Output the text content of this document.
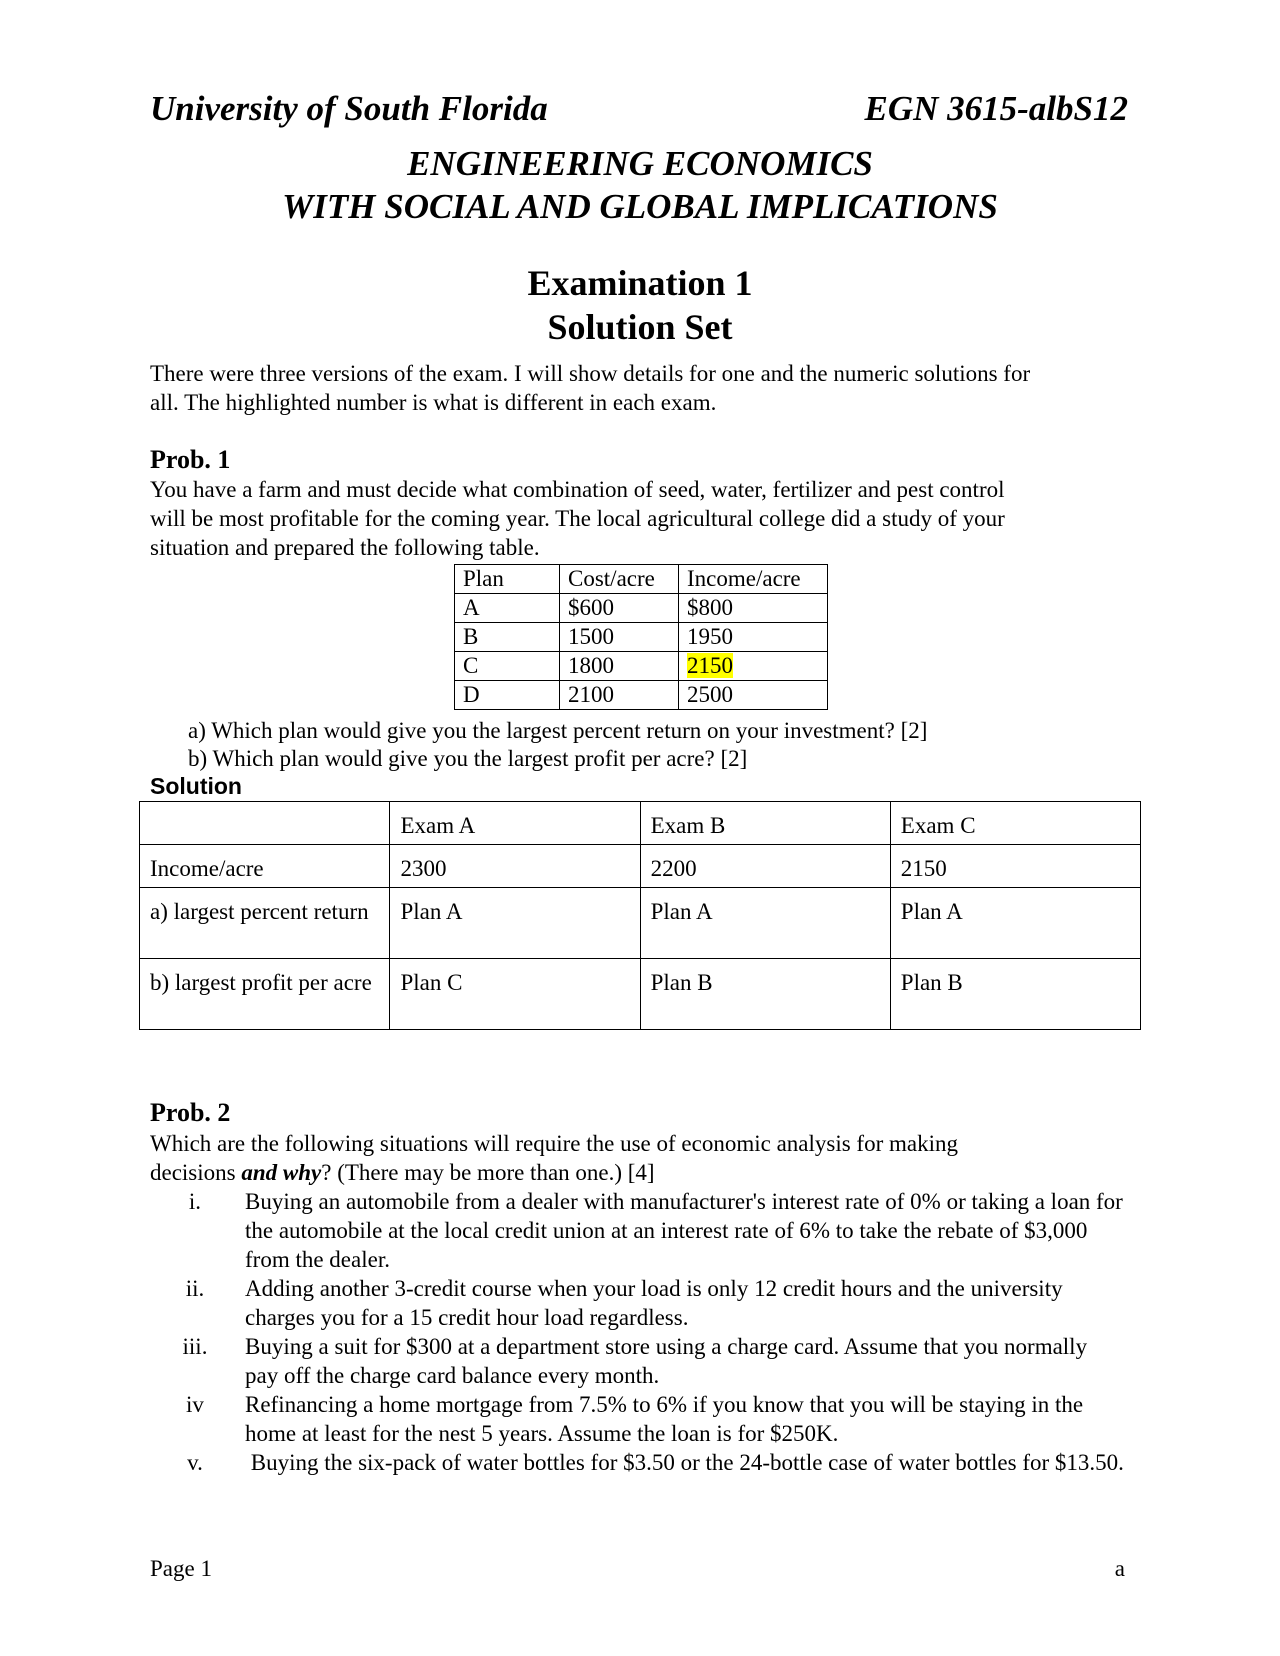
University of South Florida	EGN 3615-albS12
ENGINEERING ECONOMICS
WITH SOCIAL AND GLOBAL IMPLICATIONS
Examination 1
Solution Set
There were three versions of the exam. I will show details for one and the numeric solutions for
all. The highlighted number is what is different in each exam.
Prob. 1
You have a farm and must decide what combination of seed, water, fertilizer and pest control
will be most profitable for the coming year. The local agricultural college did a study of your
situation and prepared the following table.
Plan	Cost/acre	Income/acre
A	$600	$800
B	1500	1950
C	1800	2150
D	2100	2500
a) Which plan would give you the largest percent return on your investment? [2]
b) Which plan would give you the largest profit per acre? [2]
Solution
	Exam A	Exam B	Exam C
Income/acre	2300	2200	2150
a) largest percent return	Plan A	Plan A	Plan A
b) largest profit per acre	Plan C	Plan B	Plan B
Prob. 2
Which are the following situations will require the use of economic analysis for making
decisions and why? (There may be more than one.) [4]
i.	Buying an automobile from a dealer with manufacturer's interest rate of 0% or taking a loan for the automobile at the local credit union at an interest rate of 6% to take the rebate of $3,000 from the dealer.
ii.	Adding another 3-credit course when your load is only 12 credit hours and the university charges you for a 15 credit hour load regardless.
iii.	Buying a suit for $300 at a department store using a charge card. Assume that you normally pay off the charge card balance every month.
iv	Refinancing a home mortgage from 7.5% to 6% if you know that you will be staying in the home at least for the nest 5 years. Assume the loan is for $250K.
v.	Buying the six-pack of water bottles for $3.50 or the 24-bottle case of water bottles for $13.50.
Page 1	a
